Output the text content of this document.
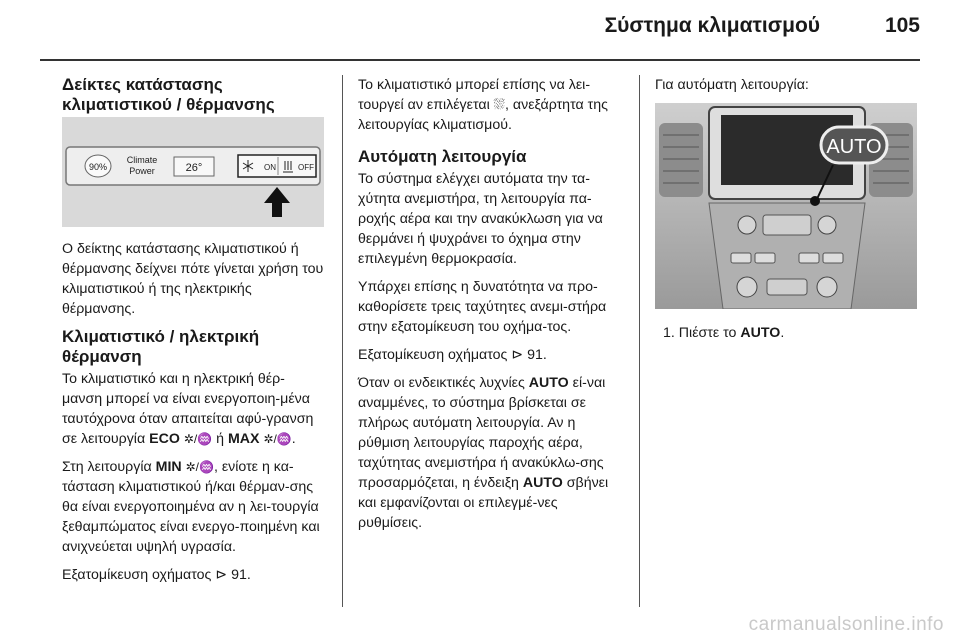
Σύστημα κλιματισμού	105
Δείκτες κατάστασης κλιματιστικού / θέρμανσης
90%
Climate
Power	26°	ON	OFF

Ο δείκτης κατάστασης κλιματιστικού ή θέρμανσης δείχνει πότε γίνεται χρήση του κλιματιστικού ή της ηλεκτρικής θέρμανσης.

Κλιματιστικό / ηλεκτρική θέρμανση

Το κλιματιστικό και η ηλεκτρική θέρ-μανση μπορεί να είναι ενεργοποιη-μένα ταυτόχρονα όταν απαιτείται αφύ-γρανση σε λειτουργία ECO ✲/♒ ή MAX ✲/♒.

Στη λειτουργία MIN ✲/♒, ενίοτε η κα-τάσταση κλιματιστικού ή/και θέρμαν-σης θα είναι ενεργοποιημένα αν η λει-τουργία ξεθαμπώματος είναι ενεργο-ποιημένη και ανιχνεύεται υψηλή υγρασία.

Εξατομίκευση οχήματος ⊳ 91.

Το κλιματιστικό μπορεί επίσης να λει-τουργεί αν επιλέγεται ⛆, ανεξάρτητα της λειτουργίας κλιματισμού.

Αυτόματη λειτουργία

Το σύστημα ελέγχει αυτόματα την τα-χύτητα ανεμιστήρα, τη λειτουργία πα-ροχής αέρα και την ανακύκλωση για να θερμάνει ή ψυχράνει το όχημα στην επιλεγμένη θερμοκρασία.

Υπάρχει επίσης η δυνατότητα να προ-καθορίσετε τρεις ταχύτητες ανεμι-στήρα στην εξατομίκευση του οχήμα-τος.

Εξατομίκευση οχήματος ⊳ 91.

Όταν οι ενδεικτικές λυχνίες AUTO εί-ναι αναμμένες, το σύστημα βρίσκεται σε πλήρως αυτόματη λειτουργία. Αν η ρύθμιση λειτουργίας παροχής αέρα, ταχύτητας ανεμιστήρα ή ανακύκλω-σης προσαρμόζεται, η ένδειξη AUTO σβήνει και εμφανίζονται οι επιλεγμέ-νες ρυθμίσεις.

Για αυτόματη λειτουργία:

AUTO

1. Πιέστε το AUTO.

carmanualsonline.info
